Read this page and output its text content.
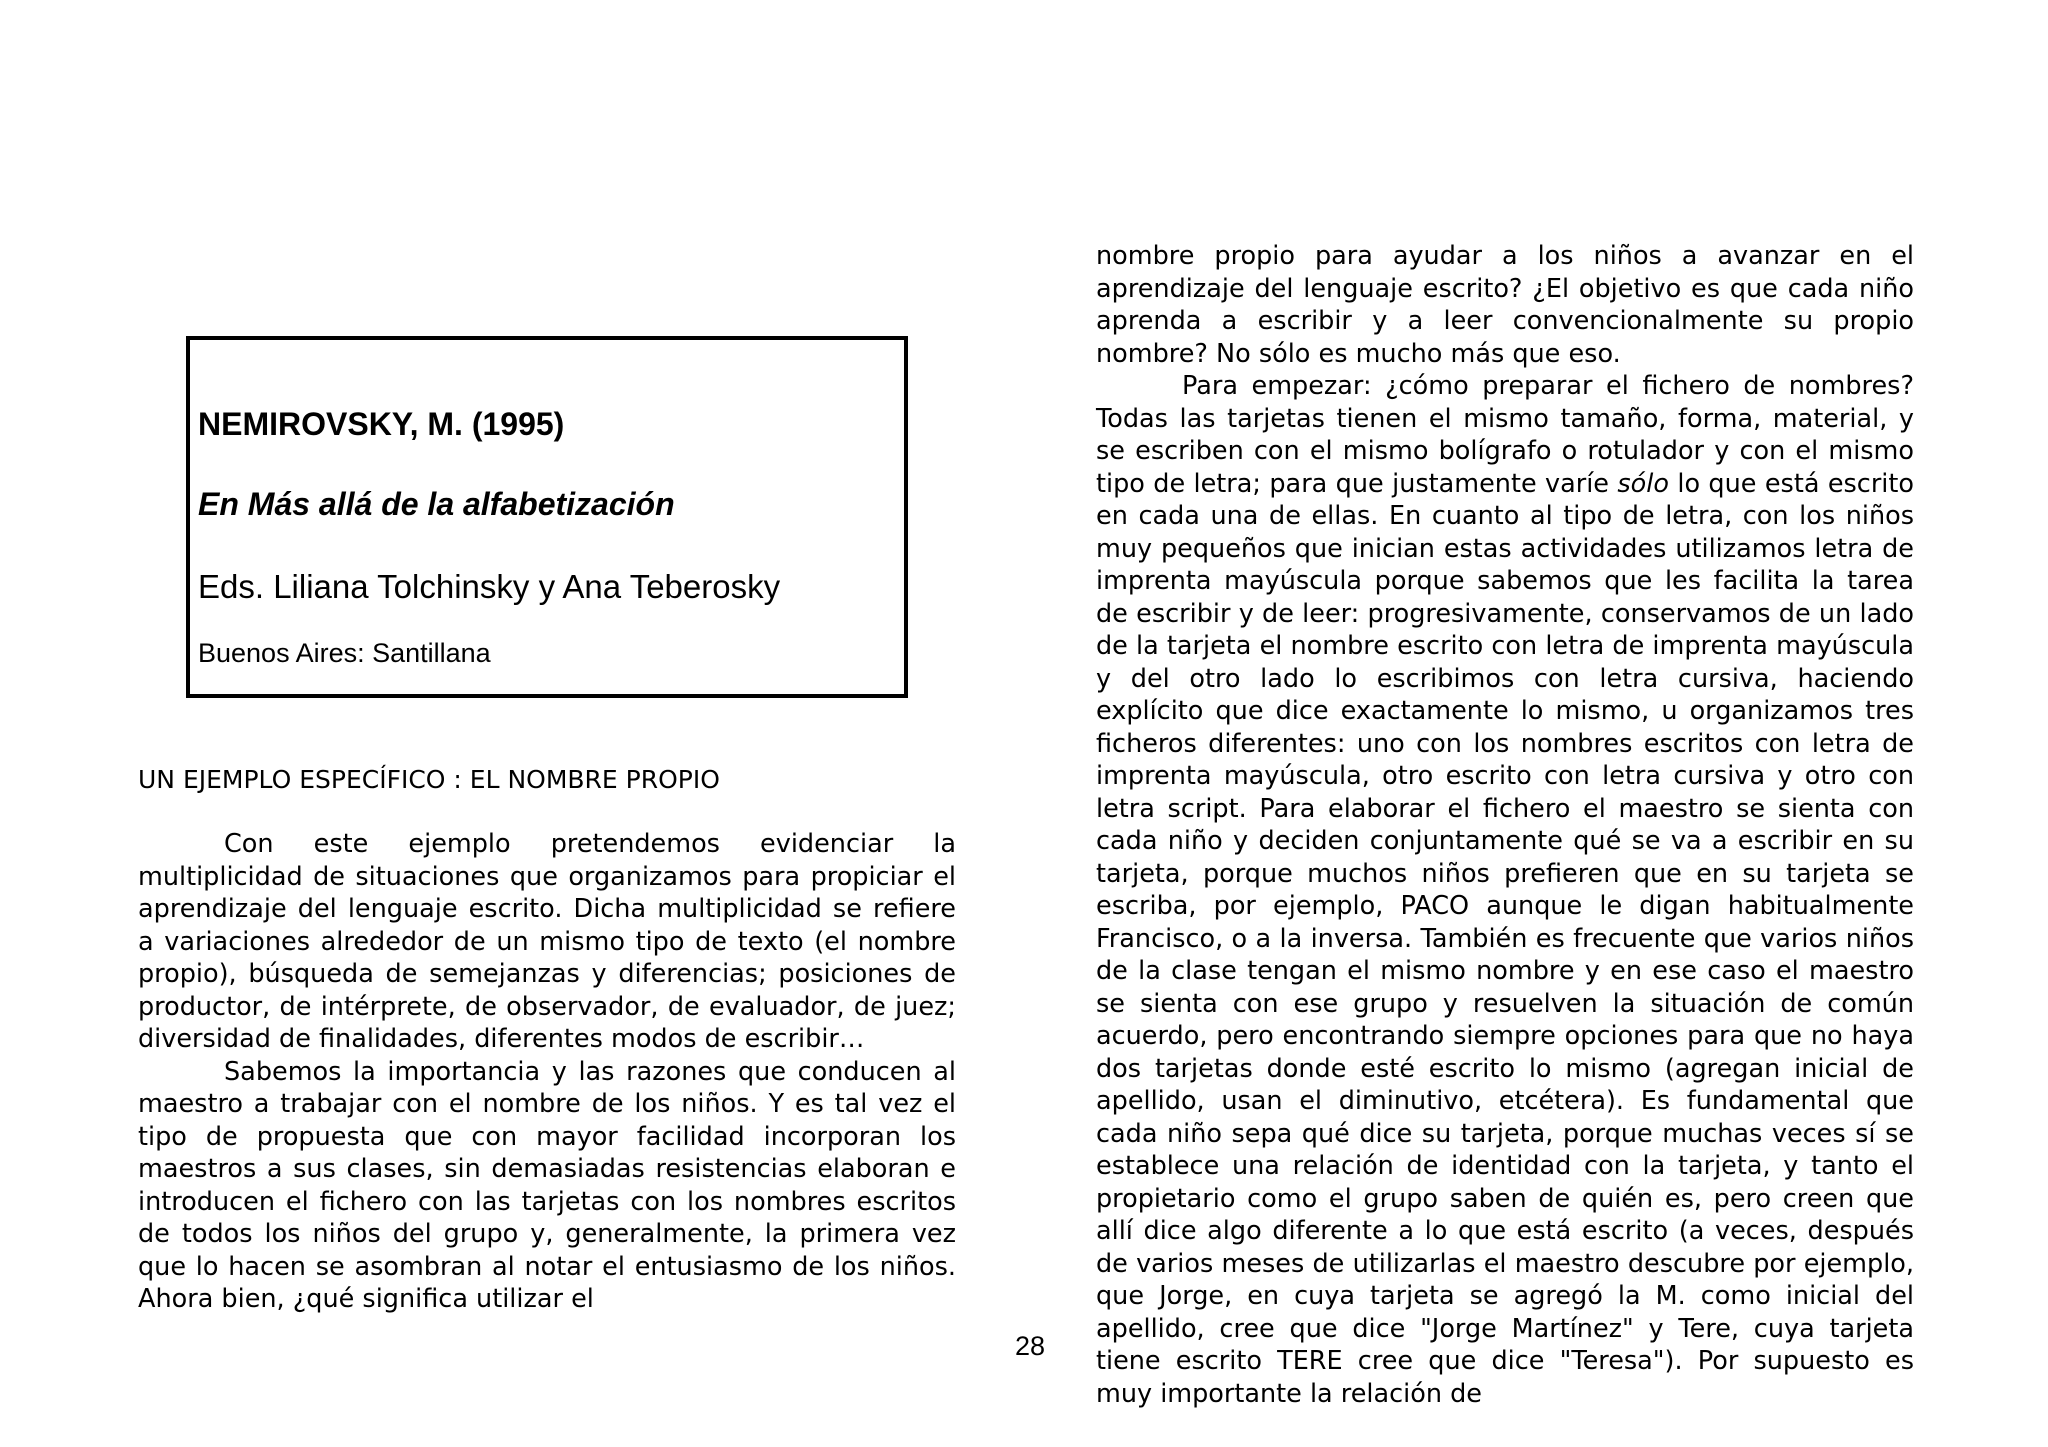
NEMIROVSKY, M. (1995)
En Más allá de la alfabetización
Eds. Liliana Tolchinsky y Ana Teberosky
Buenos Aires: Santillana
UN EJEMPLO ESPECÍFICO : EL NOMBRE PROPIO

Con este ejemplo pretendemos evidenciar la multiplicidad de situaciones que organizamos para propiciar el aprendizaje del lenguaje escrito. Dicha multiplicidad se refiere a variaciones alrededor de un mismo tipo de texto (el nombre propio), búsqueda de semejanzas y diferencias; posiciones de productor, de intérprete, de observador, de evaluador, de juez; diversidad de finalidades, diferentes modos de escribir…

Sabemos la importancia y las razones que conducen al maestro a trabajar con el nombre de los niños. Y es tal vez el tipo de propuesta que con mayor facilidad incorporan los maestros a sus clases, sin demasiadas resistencias elaboran e introducen el fichero con las tarjetas con los nombres escritos de todos los niños del grupo y, generalmente, la primera vez que lo hacen se asombran al notar el entusiasmo de los niños. Ahora bien, ¿qué significa utilizar el

nombre propio para ayudar a los niños a avanzar en el aprendizaje del lenguaje escrito? ¿El objetivo es que cada niño aprenda a escribir y a leer convencionalmente su propio nombre? No sólo es mucho más que eso.

Para empezar: ¿cómo preparar el fichero de nombres? Todas las tarjetas tienen el mismo tamaño, forma, material, y se escriben con el mismo bolígrafo o rotulador y con el mismo tipo de letra; para que justamente varíe sólo lo que está escrito en cada una de ellas. En cuanto al tipo de letra, con los niños muy pequeños que inician estas actividades utilizamos letra de imprenta mayúscula porque sabemos que les facilita la tarea de escribir y de leer: progresivamente, conservamos de un lado de la tarjeta el nombre escrito con letra de imprenta mayúscula y del otro lado lo escribimos con letra cursiva, haciendo explícito que dice exactamente lo mismo, u organizamos tres ficheros diferentes: uno con los nombres escritos con letra de imprenta mayúscula, otro escrito con letra cursiva y otro con letra script. Para elaborar el fichero el maestro se sienta con cada niño y deciden conjuntamente qué se va a escribir en su tarjeta, porque muchos niños prefieren que en su tarjeta se escriba, por ejemplo, PACO aunque le digan habitualmente Francisco, o a la inversa. También es frecuente que varios niños de la clase tengan el mismo nombre y en ese caso el maestro se sienta con ese grupo y resuelven la situación de común acuerdo, pero encontrando siempre opciones para que no haya dos tarjetas donde esté escrito lo mismo (agregan inicial de apellido, usan el diminutivo, etcétera). Es fundamental que cada niño sepa qué dice su tarjeta, porque muchas veces sí se establece una relación de identidad con la tarjeta, y tanto el propietario como el grupo saben de quién es, pero creen que allí dice algo diferente a lo que está escrito (a veces, después de varios meses de utilizarlas el maestro descubre por ejemplo, que Jorge, en cuya tarjeta se agregó la M. como inicial del apellido, cree que dice "Jorge Martínez" y Tere, cuya tarjeta tiene escrito TERE cree que dice "Teresa"). Por supuesto es muy importante la relación de

28
